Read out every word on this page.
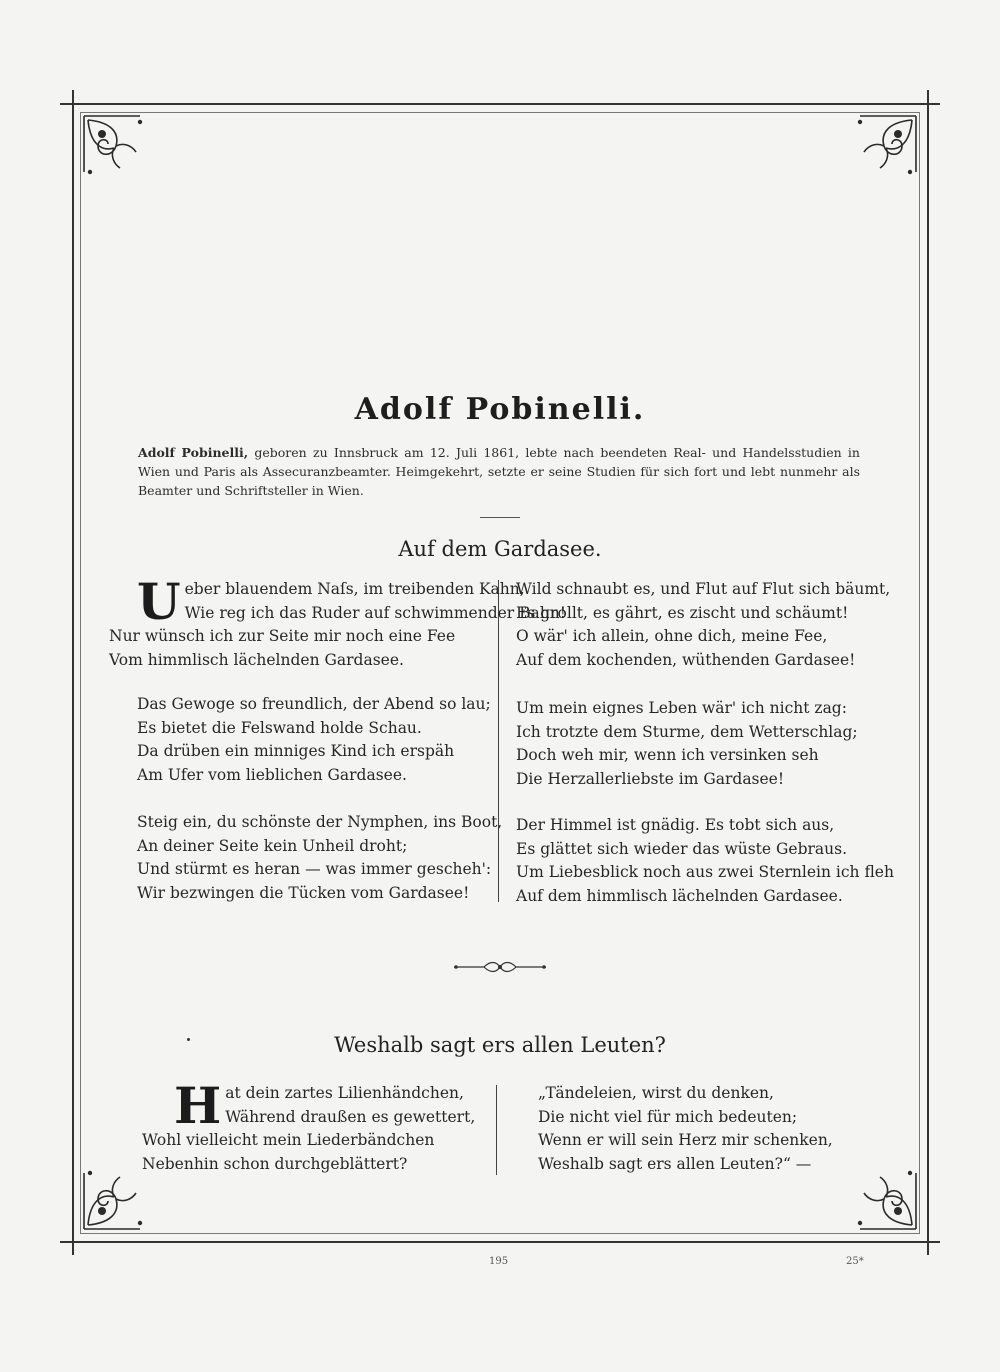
Adolf Pobinelli.
Adolf Pobinelli, geboren zu Innsbruck am 12. Juli 1861, lebte nach beendeten Real- und Handelsstudien in Wien und Paris als Assecuranzbeamter. Heimgekehrt, setzte er seine Studien für sich fort und lebt nunmehr als Beamter und Schriftsteller in Wien.
Auf dem Gardasee.
U eber blauendem Naſs, im treibenden Kahn,
Wie reg ich das Ruder auf schwimmender Bahn!
Nur wünsch ich zur Seite mir noch eine Fee
Vom himmlisch lächelnden Gardasee.
Das Gewoge so freundlich, der Abend so lau;
Es bietet die Felswand holde Schau.
Da drüben ein minniges Kind ich erspäh
Am Ufer vom lieblichen Gardasee.
Steig ein, du schönste der Nymphen, ins Boot,
An deiner Seite kein Unheil droht;
Und stürmt es heran — was immer gescheh':
Wir bezwingen die Tücken vom Gardasee!
Wild schnaubt es, und Flut auf Flut sich bäumt,
Es grollt, es gährt, es zischt und schäumt!
O wär' ich allein, ohne dich, meine Fee,
Auf dem kochenden, wüthenden Gardasee!
Um mein eignes Leben wär' ich nicht zag:
Ich trotzte dem Sturme, dem Wetterschlag;
Doch weh mir, wenn ich versinken seh
Die Herzallerliebste im Gardasee!
Der Himmel ist gnädig. Es tobt sich aus,
Es glättet sich wieder das wüste Gebraus.
Um Liebesblick noch aus zwei Sternlein ich fleh
Auf dem himmlisch lächelnden Gardasee.
Weshalb sagt ers allen Leuten?
H at dein zartes Lilienhändchen,
Während draußen es gewettert,
Wohl vielleicht mein Liederbändchen
Nebenhin schon durchgeblättert?
„Tändeleien, wirst du denken,
Die nicht viel für mich bedeuten;
Wenn er will sein Herz mir schenken,
Weshalb sagt ers allen Leuten?“ —
195	25*
